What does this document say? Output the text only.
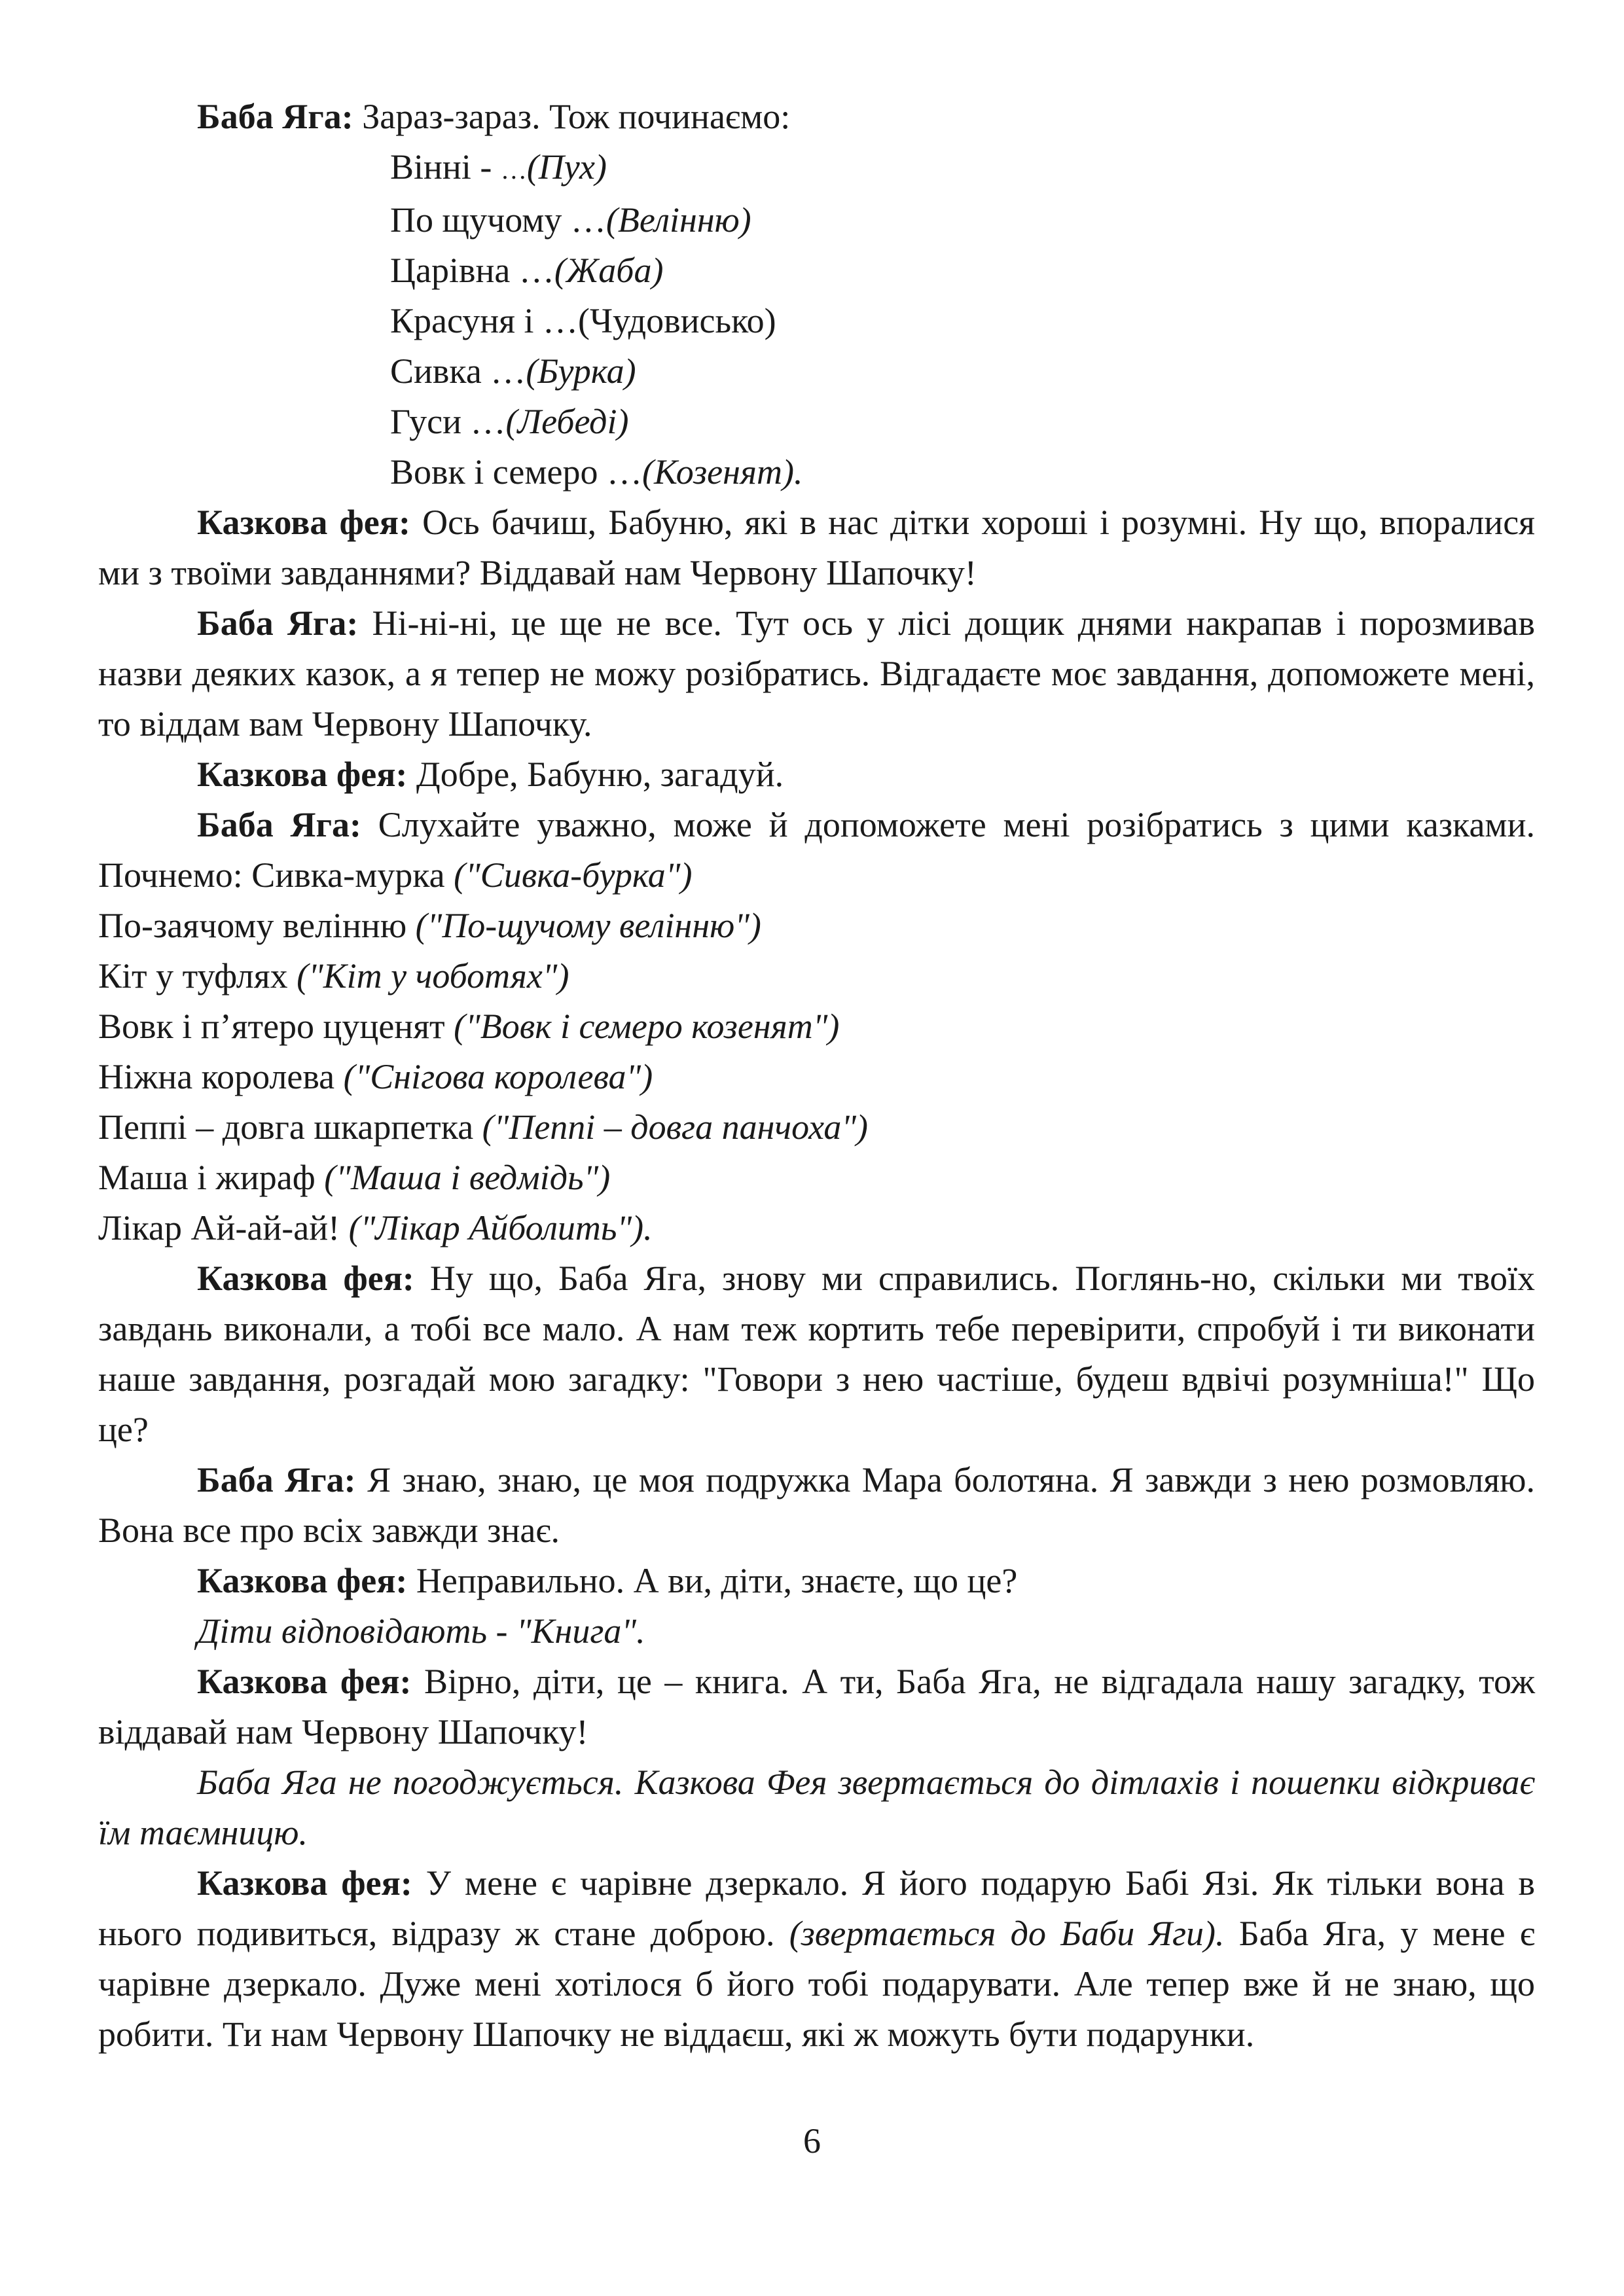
Баба Яга: Зараз-зараз. Тож починаємо:

Вінні - …(Пух)
По щучому …(Велінню)
Царівна …(Жаба)
Красуня і …(Чудовисько)
Сивка …(Бурка)
Гуси …(Лебеді)
Вовк і семеро …(Козенят).

Казкова фея: Ось бачиш, Бабуню, які в нас дітки хороші і розумні. Ну що, впоралися ми з твоїми завданнями? Віддавай нам Червону Шапочку!

Баба Яга: Ні-ні-ні, це ще не все. Тут ось у лісі дощик днями накрапав і порозмивав назви деяких казок, а я тепер не можу розібратись. Відгадаєте моє завдання, допоможете мені, то віддам вам Червону Шапочку.

Казкова фея: Добре, Бабуню, загадуй.

Баба Яга: Слухайте уважно, може й допоможете мені розібратись з цими казками. Почнемо: Сивка-мурка ("Сивка-бурка")

По-заячому велінню ("По-щучому велінню")
Кіт у туфлях ("Кіт у чоботях")
Вовк і п’ятеро цуценят ("Вовк і семеро козенят")
Ніжна королева ("Снігова королева")
Пеппі – довга шкарпетка ("Пеппі – довга панчоха")
Маша і жираф ("Маша і ведмідь")
Лікар Ай-ай-ай! ("Лікар Айболить").

Казкова фея: Ну що, Баба Яга, знову ми справились. Поглянь-но, скільки ми твоїх завдань виконали, а тобі все мало. А нам теж кортить тебе перевірити, спробуй і ти виконати наше завдання, розгадай мою загадку: "Говори з нею частіше, будеш вдвічі розумніша!" Що це?

Баба Яга: Я знаю, знаю, це моя подружка Мара болотяна. Я завжди з нею розмовляю. Вона все про всіх завжди знає.

Казкова фея: Неправильно. А ви, діти, знаєте, що це?

Діти відповідають - "Книга".

Казкова фея: Вірно, діти, це – книга. А ти, Баба Яга, не відгадала нашу загадку, тож віддавай нам Червону Шапочку!

Баба Яга не погоджується. Казкова Фея звертається до дітлахів і пошепки відкриває їм таємницю.

Казкова фея: У мене є чарівне дзеркало. Я його подарую Бабі Язі. Як тільки вона в нього подивиться, відразу ж стане доброю. (звертається до Баби Яги). Баба Яга, у мене є чарівне дзеркало. Дуже мені хотілося б його тобі подарувати. Але тепер вже й не знаю, що робити. Ти нам Червону Шапочку не віддаєш, які ж можуть бути подарунки.

6
